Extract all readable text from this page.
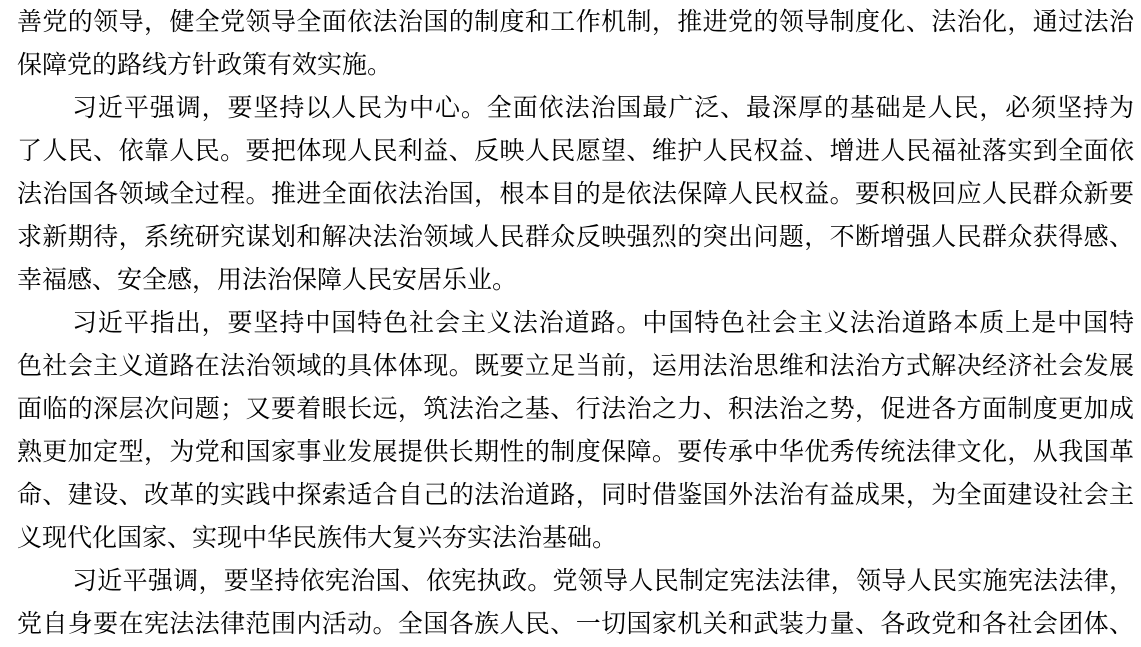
善党的领导，健全党领导全面依法治国的制度和工作机制，推进党的领导制度化、法治化，通过法治
保障党的路线方针政策有效实施。
习近平强调，要坚持以人民为中心。全面依法治国最广泛、最深厚的基础是人民，必须坚持为
了人民、依靠人民。要把体现人民利益、反映人民愿望、维护人民权益、增进人民福祉落实到全面依
法治国各领域全过程。推进全面依法治国，根本目的是依法保障人民权益。要积极回应人民群众新要
求新期待，系统研究谋划和解决法治领域人民群众反映强烈的突出问题，不断增强人民群众获得感、
幸福感、安全感，用法治保障人民安居乐业。
习近平指出，要坚持中国特色社会主义法治道路。中国特色社会主义法治道路本质上是中国特
色社会主义道路在法治领域的具体体现。既要立足当前，运用法治思维和法治方式解决经济社会发展
面临的深层次问题；又要着眼长远，筑法治之基、行法治之力、积法治之势，促进各方面制度更加成
熟更加定型，为党和国家事业发展提供长期性的制度保障。要传承中华优秀传统法律文化，从我国革
命、建设、改革的实践中探索适合自己的法治道路，同时借鉴国外法治有益成果，为全面建设社会主
义现代化国家、实现中华民族伟大复兴夯实法治基础。
习近平强调，要坚持依宪治国、依宪执政。党领导人民制定宪法法律，领导人民实施宪法法律，
党自身要在宪法法律范围内活动。全国各族人民、一切国家机关和武装力量、各政党和各社会团体、
